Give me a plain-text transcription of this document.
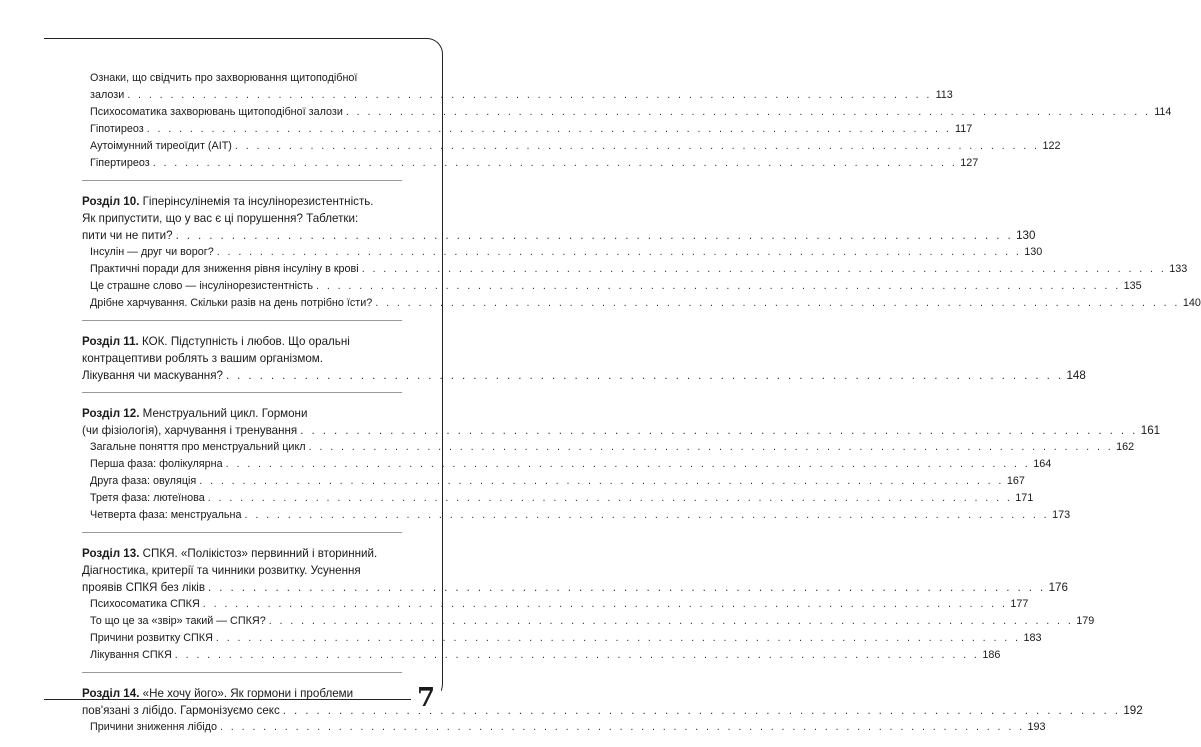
Ознаки, що свідчить про захворювання щитоподібної
залози . . .	113
Психосоматика захворювань щитоподібної залози . . .	114
Гіпотиреоз . . .	117
Аутоімунний тиреоїдит (АІТ) . . .	122
Гіпертиреоз . . .	127
Розділ 10. Гіперінсулінемія та інсулінорезистентність.
Як припустити, що у вас є ці порушення? Таблетки:
пити чи не пити? . . .	130
Інсулін — друг чи ворог? . . .	130
Практичні поради для зниження рівня інсуліну в крові . . .	133
Це страшне слово — інсулінорезистентність . . .	135
Дрібне харчування. Скільки разів на день потрібно їсти? . . .	140
Розділ 11. КОК. Підступність і любов. Що оральні
контрацептиви роблять з вашим організмом.
Лікування чи маскування? . . .	148
Розділ 12. Менструальний цикл. Гормони
(чи фізіологія), харчування і тренування . . .	161
Загальне поняття про менструальний цикл . . .	162
Перша фаза: фолікулярна . . .	164
Друга фаза: овуляція . . .	167
Третя фаза: лютеїнова . . .	171
Четверта фаза: менструальна . . .	173
Розділ 13. СПКЯ. «Полікістоз» первинний і вторинний.
Діагностика, критерії та чинники розвитку. Усунення
проявів СПКЯ без ліків . . .	176
Психосоматика СПКЯ . . .	177
То що це за «звір» такий — СПКЯ? . . .	179
Причини розвитку СПКЯ . . .	183
Лікування СПКЯ . . .	186
Розділ 14. «Не хочу його». Як гормони і проблеми
пов'язані з лібідо. Гармонізуємо секс . . .	192
Причини зниження лібідо . . .	193
7
